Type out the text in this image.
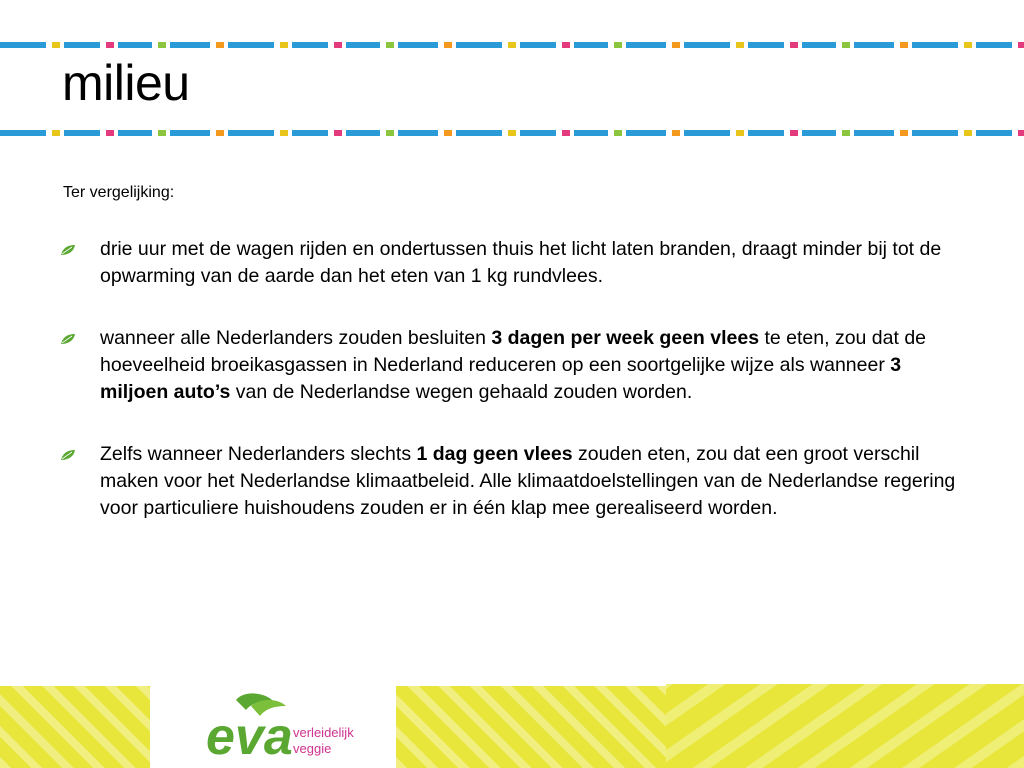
milieu

Ter vergelijking:

drie uur met de wagen rijden en ondertussen thuis het licht laten branden, draagt minder bij tot de opwarming van de aarde dan het eten van 1 kg rundvlees.
wanneer alle Nederlanders zouden besluiten 3 dagen per week geen vlees te eten, zou dat de hoeveelheid broeikasgassen in Nederland reduceren op een soortgelijke wijze als wanneer 3 miljoen auto’s van de Nederlandse wegen gehaald zouden worden.
Zelfs wanneer Nederlanders slechts 1 dag geen vlees zouden eten, zou dat een groot verschil maken voor het Nederlandse klimaatbeleid. Alle klimaatdoelstellingen van de Nederlandse regering voor particuliere huishoudens zouden er in één klap mee gerealiseerd worden.
eva verleidelijk
veggie
